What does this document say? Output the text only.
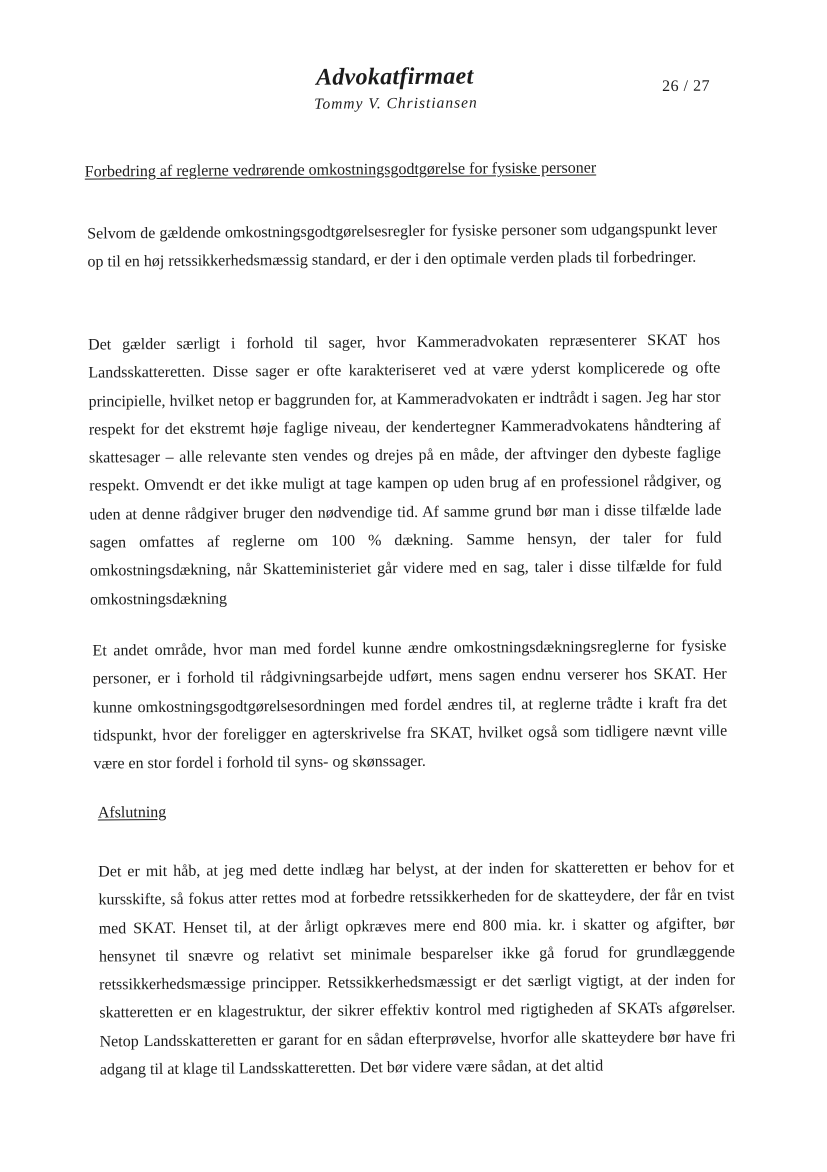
Advokatfirmaet
Tommy V. Christiansen
26 / 27
Forbedring af reglerne vedrørende omkostningsgodtgørelse for fysiske personer

Selvom de gældende omkostningsgodtgørelsesregler for fysiske personer som udgangspunkt lever op til en høj retssikkerhedsmæssig standard, er der i den optimale verden plads til forbedringer.

Det gælder særligt i forhold til sager, hvor Kammeradvokaten repræsenterer SKAT hos Landsskatteretten. Disse sager er ofte karakteriseret ved at være yderst komplicerede og ofte principielle, hvilket netop er baggrunden for, at Kammeradvokaten er indtrådt i sagen. Jeg har stor respekt for det ekstremt høje faglige niveau, der kendertegner Kammeradvokatens håndtering af skattesager – alle relevante sten vendes og drejes på en måde, der aftvinger den dybeste faglige respekt. Omvendt er det ikke muligt at tage kampen op uden brug af en professionel rådgiver, og uden at denne rådgiver bruger den nødvendige tid. Af samme grund bør man i disse tilfælde lade sagen omfattes af reglerne om 100 % dækning. Samme hensyn, der taler for fuld omkostningsdækning, når Skatteministeriet går videre med en sag, taler i disse tilfælde for fuld omkostningsdækning

Et andet område, hvor man med fordel kunne ændre omkostningsdækningsreglerne for fysiske personer, er i forhold til rådgivningsarbejde udført, mens sagen endnu verserer hos SKAT. Her kunne omkostningsgodtgørelsesordningen med fordel ændres til, at reglerne trådte i kraft fra det tidspunkt, hvor der foreligger en agterskrivelse fra SKAT, hvilket også som tidligere nævnt ville være en stor fordel i forhold til syns- og skønssager.

Afslutning

Det er mit håb, at jeg med dette indlæg har belyst, at der inden for skatteretten er behov for et kursskifte, så fokus atter rettes mod at forbedre retssikkerheden for de skatteydere, der får en tvist med SKAT. Henset til, at der årligt opkræves mere end 800 mia. kr. i skatter og afgifter, bør hensynet til snævre og relativt set minimale besparelser ikke gå forud for grundlæggende retssikkerhedsmæssige principper. Retssikkerhedsmæssigt er det særligt vigtigt, at der inden for skatteretten er en klagestruktur, der sikrer effektiv kontrol med rigtigheden af SKATs afgørelser. Netop Landsskatteretten er garant for en sådan efterprøvelse, hvorfor alle skatteydere bør have fri adgang til at klage til Landsskatteretten. Det bør videre være sådan, at det altid
